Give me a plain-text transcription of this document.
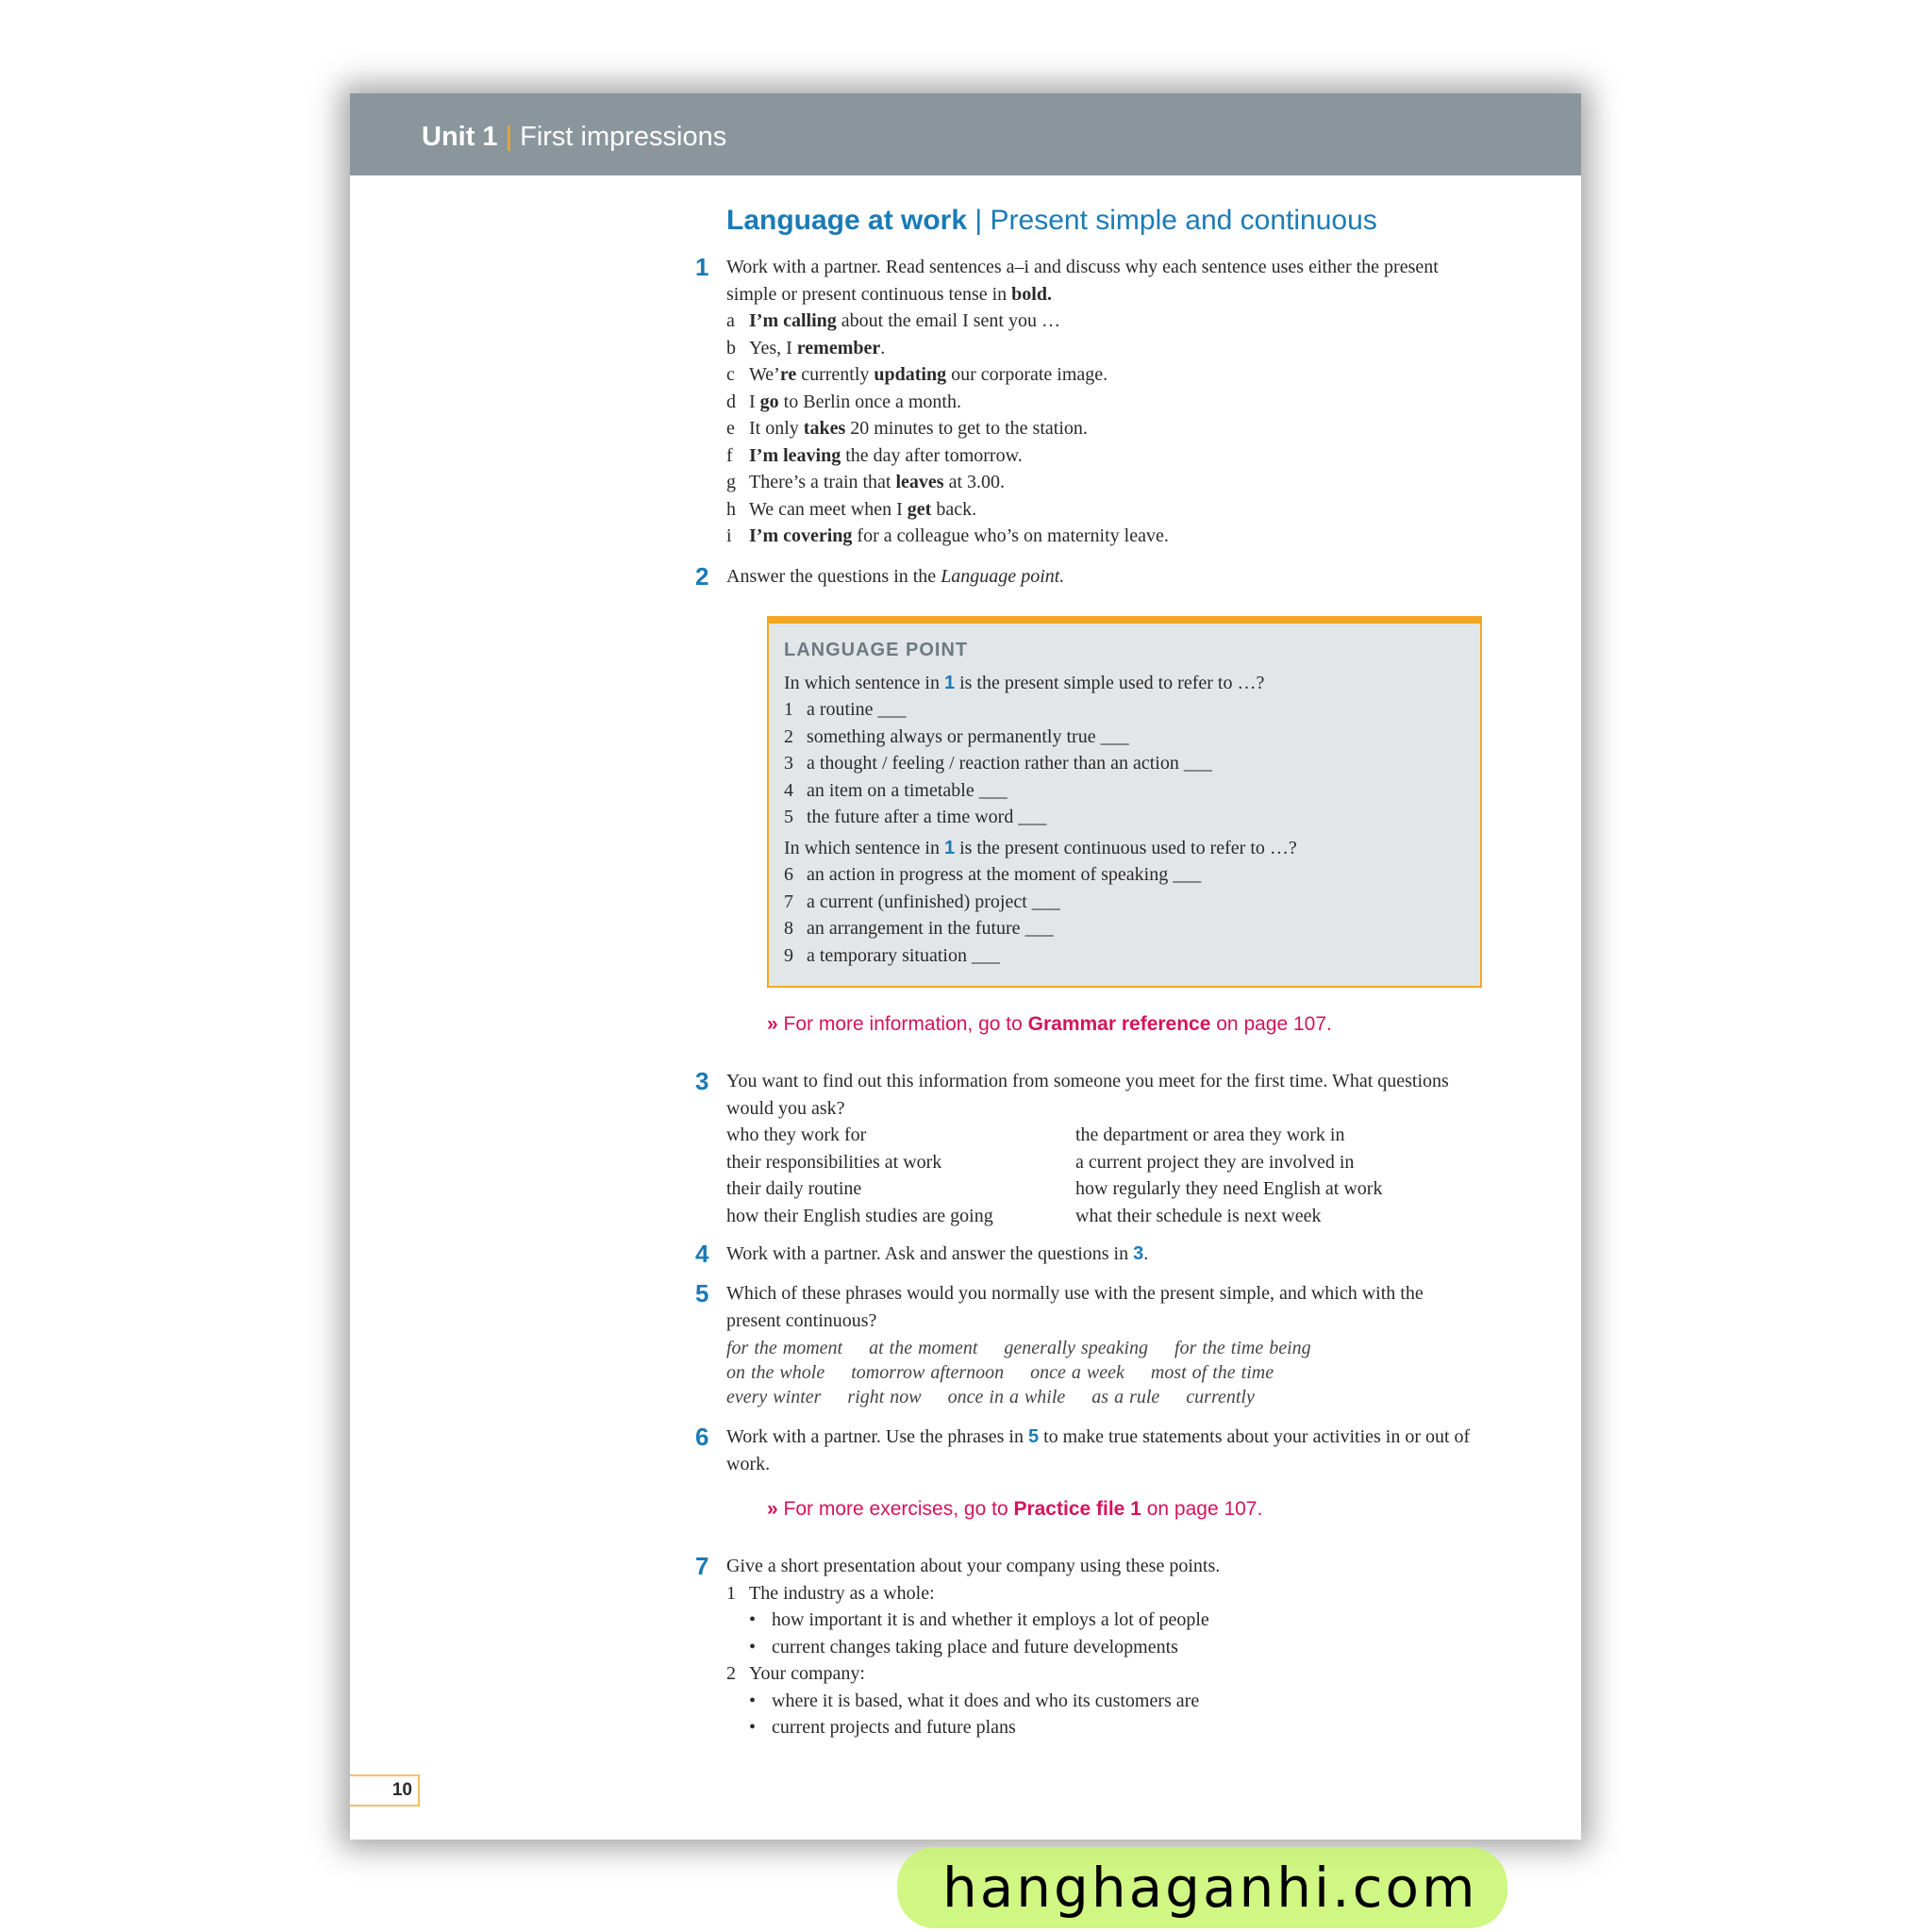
Unit 1 | First impressions
Language at work | Present simple and continuous
1 Work with a partner. Read sentences a–i and discuss why each sentence uses either the present simple or present continuous tense in bold.
a I’m calling about the email I sent you …
b Yes, I remember.
c We’re currently updating our corporate image.
d I go to Berlin once a month.
e It only takes 20 minutes to get to the station.
f I’m leaving the day after tomorrow.
g There’s a train that leaves at 3.00.
h We can meet when I get back.
i I’m covering for a colleague who’s on maternity leave.
2 Answer the questions in the Language point.
LANGUAGE POINT
In which sentence in 1 is the present simple used to refer to …?
1 a routine ___
2 something always or permanently true ___
3 a thought / feeling / reaction rather than an action ___
4 an item on a timetable ___
5 the future after a time word ___
In which sentence in 1 is the present continuous used to refer to …?
6 an action in progress at the moment of speaking ___
7 a current (unfinished) project ___
8 an arrangement in the future ___
9 a temporary situation ___
» For more information, go to Grammar reference on page 107.
3 You want to find out this information from someone you meet for the first time. What questions would you ask?
who they work for	the department or area they work in
their responsibilities at work	a current project they are involved in
their daily routine	how regularly they need English at work
how their English studies are going	what their schedule is next week
4 Work with a partner. Ask and answer the questions in 3.
5 Which of these phrases would you normally use with the present simple, and which with the present continuous?
for the moment at the moment generally speaking for the time being
on the whole tomorrow afternoon once a week most of the time
every winter right now once in a while as a rule currently
6 Work with a partner. Use the phrases in 5 to make true statements about your activities in or out of work.
» For more exercises, go to Practice file 1 on page 107.
7 Give a short presentation about your company using these points.
1 The industry as a whole:
• how important it is and whether it employs a lot of people
• current changes taking place and future developments
2 Your company:
• where it is based, what it does and who its customers are
• current projects and future plans
10
hanghaganhi.com
